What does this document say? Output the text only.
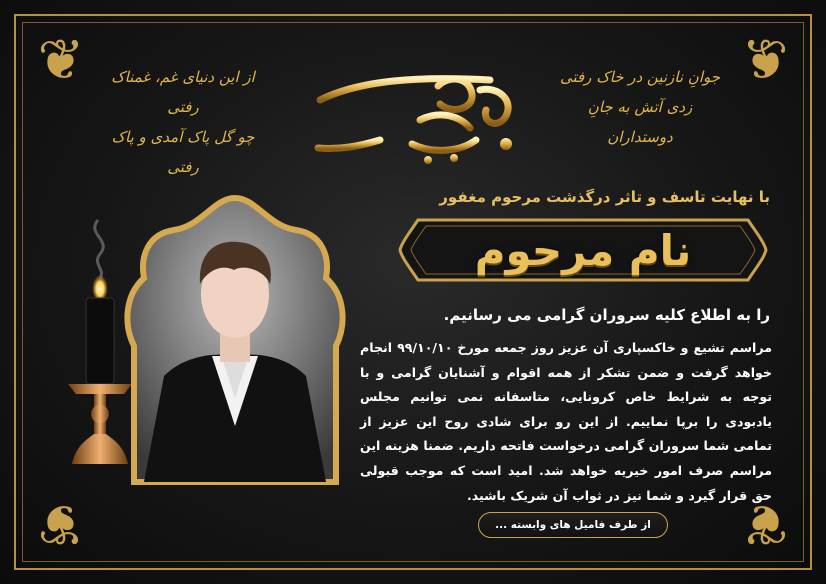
❦	❦
❦	❦
جوانِ نازنین در خاک رفتی
زدی آتش به جانِ دوستداران
از این دنیای غم، غمناک رفتی
چو گل پاک آمدی و پاک رفتی
با نهایت تاسف و تاثر درگذشت مرحوم مغفور
نام مرحوم
را به اطلاع کلیه سروران گرامی می رسانیم.
مراسم تشیع و خاکسپاری آن عزیز روز جمعه مورخ ۹۹/۱۰/۱۰ انجام خواهد گرفت و ضمن تشکر از همه اقوام و آشنایان گرامی و با توجه به شرایط خاص کرونایی، متاسفانه نمی توانیم مجلس یادبودی را برپا نماییم. از این رو برای شادی روح این عزیز از تمامی شما سروران گرامی درخواست فاتحه داریم. ضمنا هزینه این مراسم صرف امور خیریه خواهد شد. امید است که موجب قبولی حق قرار گیرد و شما نیز در ثواب آن شریک باشید.
از طرف فامیل های وابسته ...
